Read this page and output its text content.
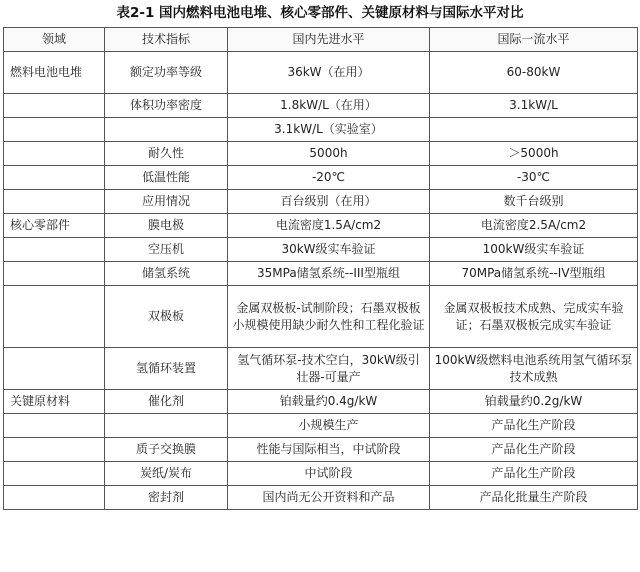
表2-1 国内燃料电池电堆、核心零部件、关键原材料与国际水平对比
领域	技术指标	国内先进水平	国际一流水平
燃料电池电堆	额定功率等级	36kW（在用）	60-80kW
	体积功率密度	1.8kW/L（在用）	3.1kW/L
		3.1kW/L（实验室）	
	耐久性	5000h	＞5000h
	低温性能	-20℃	-30℃
	应用情况	百台级别（在用）	数千台级别
核心零部件	膜电极	电流密度1.5A/cm2	电流密度2.5A/cm2
	空压机	30kW级实车验证	100kW级实车验证
	储氢系统	35MPa储氢系统--III型瓶组	70MPa储氢系统--IV型瓶组
	双极板	金属双极板-试制阶段；石墨双极板小规模使用缺少耐久性和工程化验证	金属双极板技术成熟、完成实车验证；石墨双极板完成实车验证
	氢循环装置	氢气循环泵-技术空白，30kW级引壮器-可量产	100kW级燃料电池系统用氢气循环泵技术成熟
关键原材料	催化剂	铂载量约0.4g/kW	铂载量约0.2g/kW
		小规模生产	产品化生产阶段
	质子交换膜	性能与国际相当，中试阶段	产品化生产阶段
	炭纸/炭布	中试阶段	产品化生产阶段
	密封剂	国内尚无公开资料和产品	产品化批量生产阶段
